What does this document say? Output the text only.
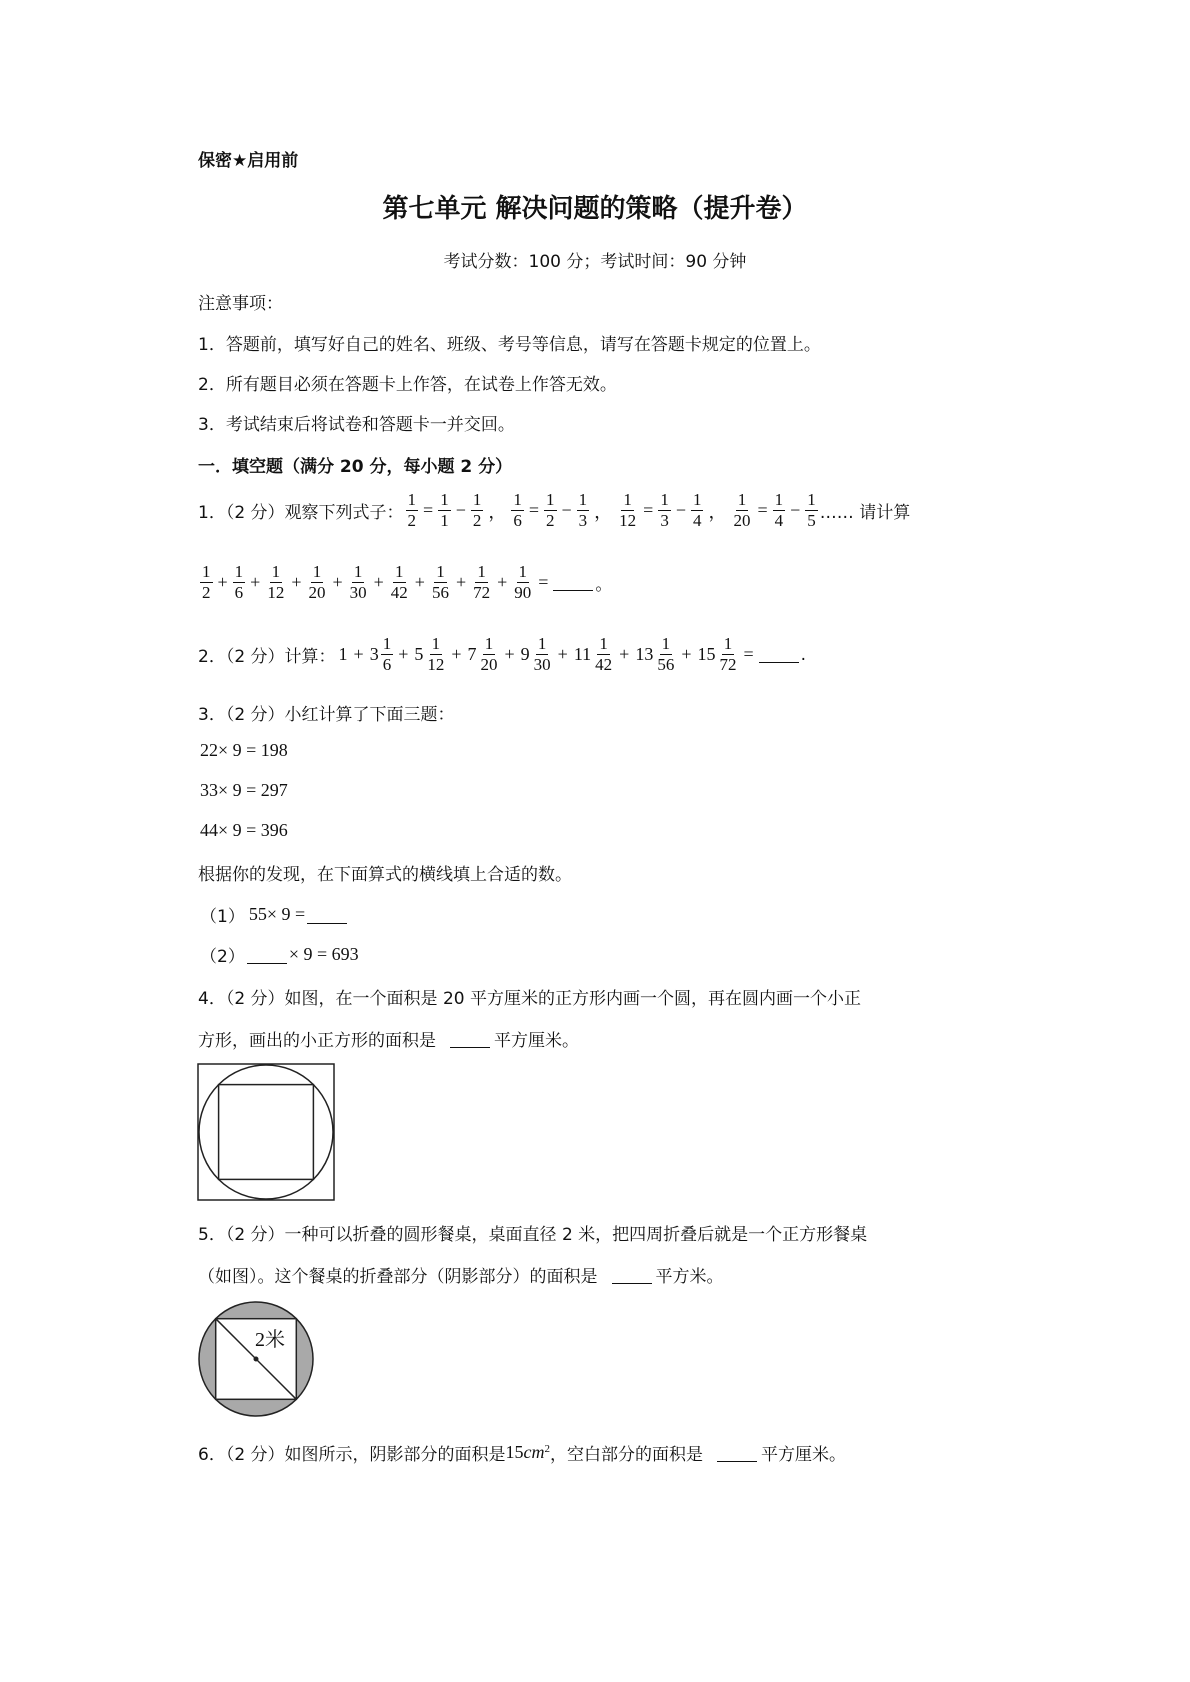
保密★启用前
第七单元 解决问题的策略（提升卷）
考试分数：100 分；考试时间：90 分钟
注意事项：
1．答题前，填写好自己的姓名、班级、考号等信息，请写在答题卡规定的位置上。
2．所有题目必须在答题卡上作答，在试卷上作答无效。
3．考试结束后将试卷和答题卡一并交回。
一．填空题（满分 20 分，每小题 2 分）
1．（2 分）观察下列式子： $\frac{1}{2} = \frac{1}{1} - \frac{1}{2}$ ， $\frac{1}{6} = \frac{1}{2} - \frac{1}{3}$ ， $\frac{1}{12} = \frac{1}{3} - \frac{1}{4}$ ， $\frac{1}{20} = \frac{1}{4} - \frac{1}{5}$ …… 请计算
$\frac{1}{2} + \frac{1}{6} + \frac{1}{12} + \frac{1}{20} + \frac{1}{30} + \frac{1}{42} + \frac{1}{56} + \frac{1}{72} + \frac{1}{90}$ =	。
2．（2 分）计算： $1 + 3 \frac{1}{6} + 5 \frac{1}{12} + 7 \frac{1}{20} + 9 \frac{1}{30} + 11 \frac{1}{42} + 13 \frac{1}{56} + 15 \frac{1}{72}$ =	.
3．（2 分）小红计算了下面三题：
22× 9 = 198
33× 9 = 297
44× 9 = 396
根据你的发现，在下面算式的横线填上合适的数。
（1） 55× 9 =
（2） × 9 = 693
4．（2 分）如图，在一个面积是 20 平方厘米的正方形内画一个圆，再在圆内画一个小正
方形，画出的小正方形的面积是	平方厘米。
5．（2 分）一种可以折叠的圆形餐桌，桌面直径 2 米，把四周折叠后就是一个正方形餐桌
（如图）。这个餐桌的折叠部分（阴影部分）的面积是	平方米。
2米
6．（2 分）如图所示，阴影部分的面积是 15 $cm^2$ ，空白部分的面积是	平方厘米。
